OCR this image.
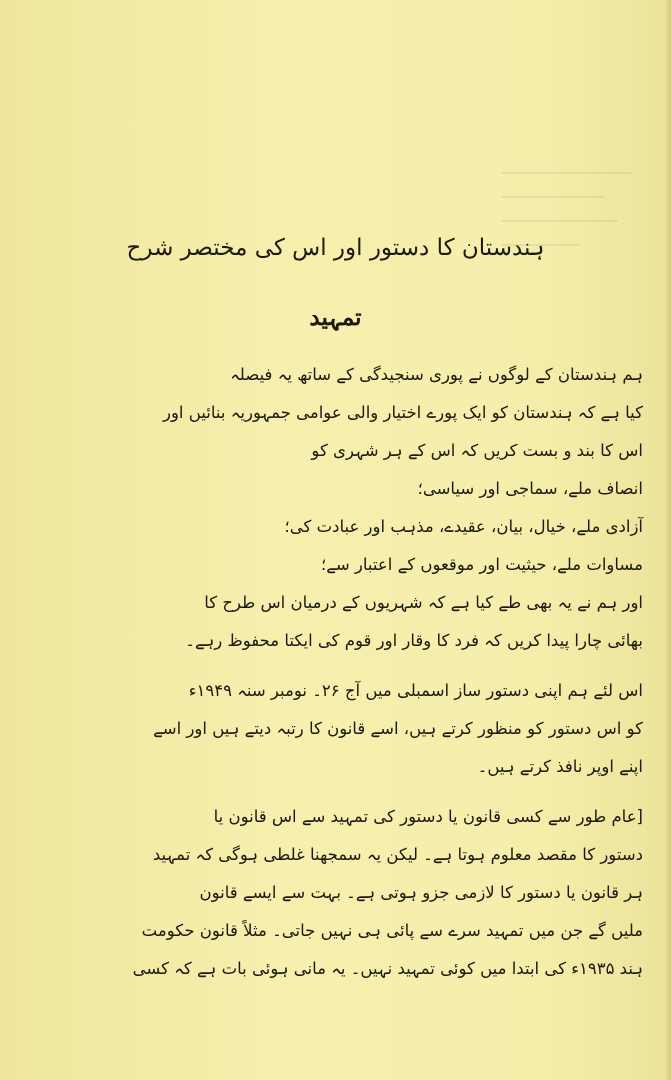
ہندستان کا دستور اور اس کی مختصر شرح
تمہید

ہم ہندستان کے لوگوں نے پوری سنجیدگی کے ساتھ یہ فیصلہ

کیا ہے کہ ہندستان کو ایک پورے اختیار والی عوامی جمہوریہ بنائیں اور

اس کا بند و بست کریں کہ اس کے ہر شہری کو

انصاف ملے، سماجی اور سیاسی؛

آزادی ملے، خیال، بیان، عقیدے، مذہب اور عبادت کی؛

مساوات ملے، حیثیت اور موقعوں کے اعتبار سے؛

اور ہم نے یہ بھی طے کیا ہے کہ شہریوں کے درمیان اس طرح کا

بھائی چارا پیدا کریں کہ فرد کا وقار اور قوم کی ایکتا محفوظ رہے۔

اس لئے ہم اپنی دستور ساز اسمبلی میں آج ۲۶۔ نومبر سنہ ۱۹۴۹ء

کو اس دستور کو منظور کرتے ہیں، اسے قانون کا رتبہ دیتے ہیں اور اسے

اپنے اوپر نافذ کرتے ہیں۔

[عام طور سے کسی قانون یا دستور کی تمہید سے اس قانون یا

دستور کا مقصد معلوم ہوتا ہے۔ لیکن یہ سمجھنا غلطی ہوگی کہ تمہید

ہر قانون یا دستور کا لازمی جزو ہوتی ہے۔ بہت سے ایسے قانون

ملیں گے جن میں تمہید سرے سے پائی ہی نہیں جاتی۔ مثلاً قانون حکومت

ہند ۱۹۳۵ء کی ابتدا میں کوئی تمہید نہیں۔ یہ مانی ہوئی بات ہے کہ کسی
